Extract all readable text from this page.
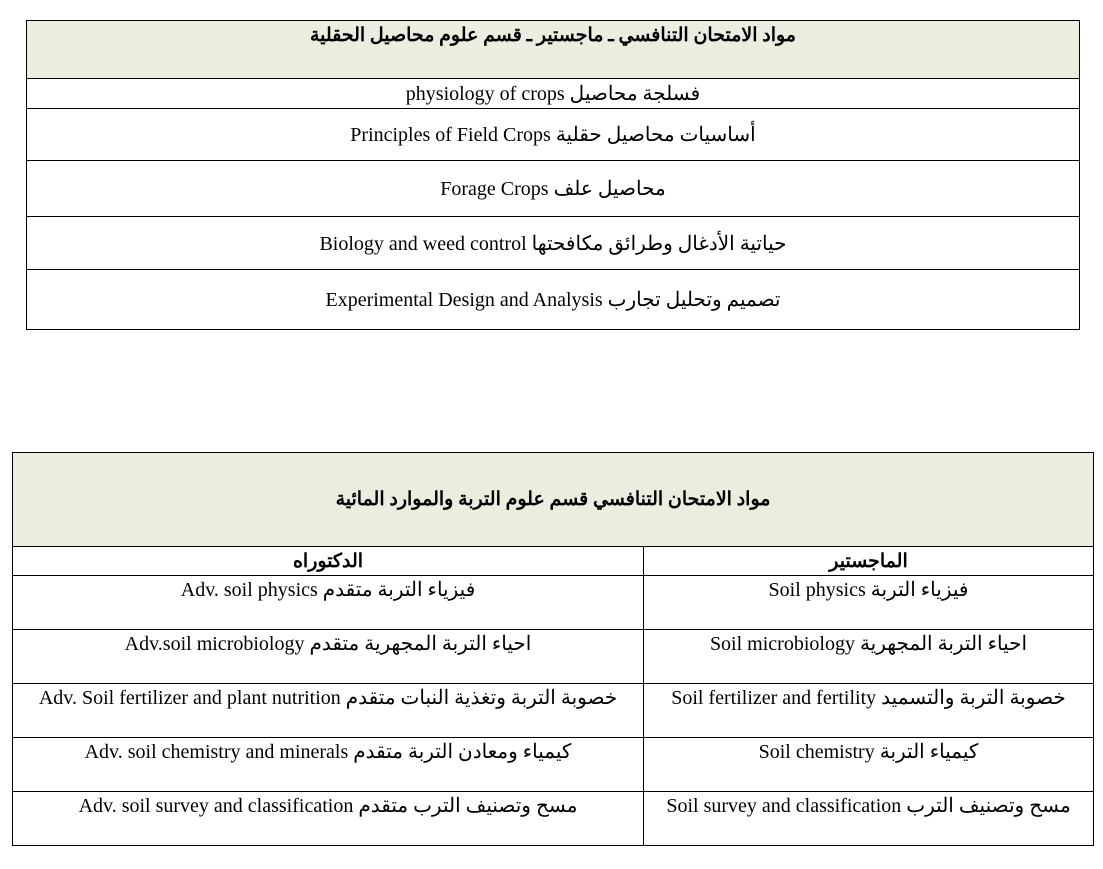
مواد الامتحان التنافسي ـ ماجستير ـ قسم علوم محاصيل الحقلية
فسلجة محاصيل physiology of crops
أساسيات محاصيل حقلية Principles of Field Crops
محاصيل علف Forage Crops
حياتية الأدغال وطرائق مكافحتها Biology and weed control
تصميم وتحليل تجارب Experimental Design and Analysis
مواد الامتحان التنافسي قسم علوم التربة والموارد المائية	
الدكتوراه	الماجستير
فيزياء التربة متقدم Adv. soil physics	فيزياء التربة Soil physics
احياء التربة المجهرية متقدم Adv.soil microbiology	احياء التربة المجهرية Soil microbiology
خصوبة التربة وتغذية النبات متقدم Adv. Soil fertilizer and plant nutrition	خصوبة التربة والتسميد Soil fertilizer and fertility
كيمياء ومعادن التربة متقدم Adv. soil chemistry and minerals	كيمياء التربة Soil chemistry
مسح وتصنيف الترب متقدم Adv. soil survey and classification	مسح وتصنيف الترب Soil survey and classification
